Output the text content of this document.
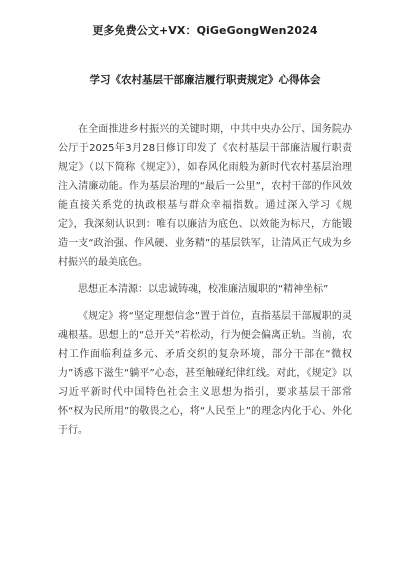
更多免费公文+VX：QiGeGongWen2024
学习《农村基层干部廉洁履行职责规定》心得体会

在全面推进乡村振兴的关键时期，中共中央办公厅、国务院办公厅于2025年3月28日修订印发了《农村基层干部廉洁履行职责规定》（以下简称《规定》），如春风化雨般为新时代农村基层治理注入清廉动能。作为基层治理的“最后一公里”，农村干部的作风效能直接关系党的执政根基与群众幸福指数。通过深入学习《规定》，我深刻认识到：唯有以廉洁为底色、以效能为标尺，方能锻造一支“政治强、作风硬、业务精”的基层铁军，让清风正气成为乡村振兴的最美底色。

思想正本清源：以忠诚铸魂，校准廉洁履职的“精神坐标”

《规定》将“坚定理想信念”置于首位，直指基层干部履职的灵魂根基。思想上的“总开关”若松动，行为便会偏离正轨。当前，农村工作面临利益多元、矛盾交织的复杂环境，部分干部在“微权力”诱惑下滋生“躺平”心态，甚至触碰纪律红线。对此，《规定》以习近平新时代中国特色社会主义思想为指引，要求基层干部常怀“权为民所用”的敬畏之心，将“人民至上”的理念内化于心、外化于行。
